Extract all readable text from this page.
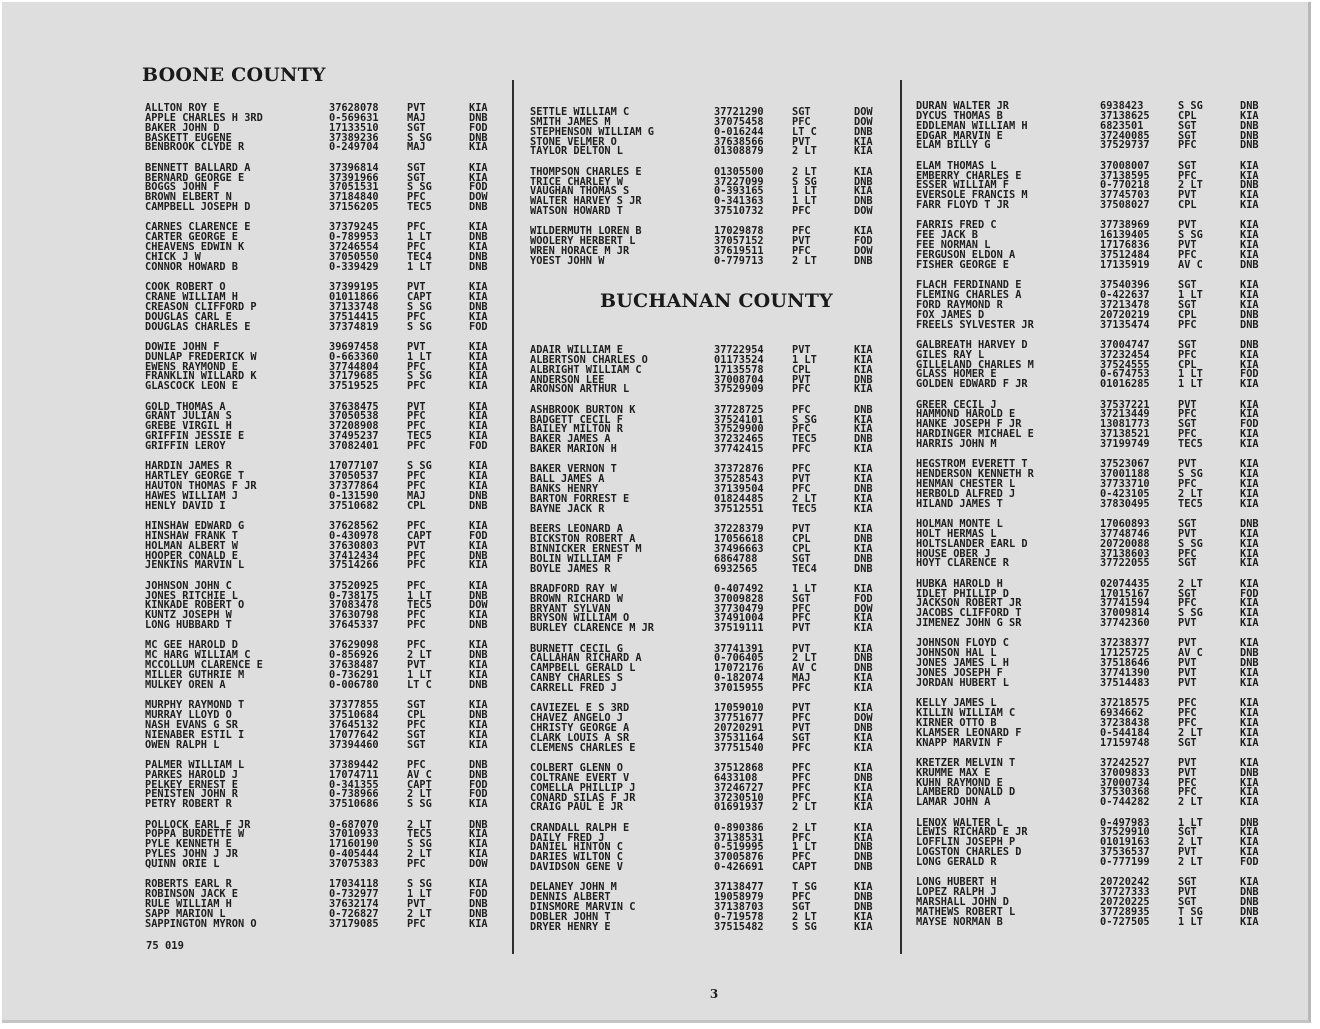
BOONE COUNTY
BUCHANAN COUNTY
ALLTON ROY E	37628078	PVT	KIA
APPLE CHARLES H 3RD	0-569631	MAJ	DNB
BAKER JOHN D	17133510	SGT	FOD
BASKETT EUGENE	37389236	S SG	DNB
BENBROOK CLYDE R	0-249704	MAJ	KIA
BENNETT BALLARD A	37396814	SGT	KIA
BERNARD GEORGE E	37391966	SGT	KIA
BOGGS JOHN F	37051531	S SG	FOD
BROWN ELBERT N	37184840	PFC	DOW
CAMPBELL JOSEPH D	37156205	TEC5	DNB
CARNES CLARENCE E	37379245	PFC	KIA
CARTER GEORGE E	0-789953	1 LT	DNB
CHEAVENS EDWIN K	37246554	PFC	KIA
CHICK J W	37050550	TEC4	DNB
CONNOR HOWARD B	0-339429	1 LT	DNB
COOK ROBERT O	37399195	PVT	KIA
CRANE WILLIAM H	01011866	CAPT	KIA
CREASON CLIFFORD P	37133748	S SG	DNB
DOUGLAS CARL E	37514415	PFC	KIA
DOUGLAS CHARLES E	37374819	S SG	FOD
DOWIE JOHN F	39697458	PVT	KIA
DUNLAP FREDERICK W	0-663360	1 LT	KIA
EWENS RAYMOND E	37744804	PFC	KIA
FRANKLIN WILLARD K	37179685	S SG	KIA
GLASCOCK LEON E	37519525	PFC	KIA
GOLD THOMAS A	37638475	PVT	KIA
GRANT JULIAN S	37050538	PFC	KIA
GREBE VIRGIL H	37208908	PFC	KIA
GRIFFIN JESSIE E	37495237	TEC5	KIA
GRIFFIN LEROY	37082401	PFC	FOD
HARDIN JAMES R	17077107	S SG	KIA
HARTLEY GEORGE T	37050537	PFC	KIA
HAUTON THOMAS F JR	37377864	PFC	KIA
HAWES WILLIAM J	0-131590	MAJ	DNB
HENLY DAVID I	37510682	CPL	DNB
HINSHAW EDWARD G	37628562	PFC	KIA
HINSHAW FRANK T	0-430978	CAPT	FOD
HOLMAN ALBERT W	37630803	PVT	KIA
HOOPER CONALD E	37412434	PFC	DNB
JENKINS MARVIN L	37514266	PFC	KIA
JOHNSON JOHN C	37520925	PFC	KIA
JONES RITCHIE L	0-738175	1 LT	DNB
KINKADE ROBERT O	37083478	TEC5	DOW
KUNTZ JOSEPH W	37630798	PFC	KIA
LONG HUBBARD T	37645337	PFC	DNB
MC GEE HAROLD D	37629098	PFC	KIA
MC HARG WILLIAM C	0-856926	2 LT	DNB
MCCOLLUM CLARENCE E	37638487	PVT	KIA
MILLER GUTHRIE M	0-736291	1 LT	KIA
MULKEY OREN A	0-006780	LT C	DNB
MURPHY RAYMOND T	37377855	SGT	KIA
MURRAY LLOYD O	37510684	CPL	DNB
NASH EVANS G SR	37645132	PFC	KIA
NIENABER ESTIL I	17077642	SGT	KIA
OWEN RALPH L	37394460	SGT	KIA
PALMER WILLIAM L	37389442	PFC	DNB
PARKES HAROLD J	17074711	AV C	DNB
PELKEY ERNEST E	0-341355	CAPT	FOD
PENISTEN JOHN R	0-738966	2 LT	FOD
PETRY ROBERT R	37510686	S SG	KIA
POLLOCK EARL F JR	0-687070	2 LT	DNB
POPPA BURDETTE W	37010933	TEC5	KIA
PYLE KENNETH E	17160190	S SG	KIA
PYLES JOHN J JR	0-405444	2 LT	KIA
QUINN ORIE L	37075383	PFC	DOW
ROBERTS EARL R	17034118	S SG	KIA
ROBINSON JACK E	0-732977	1 LT	FOD
RULE WILLIAM H	37632174	PVT	DNB
SAPP MARION L	0-726827	2 LT	DNB
SAPPINGTON MYRON O	37179085	PFC	KIA
SETTLE WILLIAM C	37721290	SGT	DOW
SMITH JAMES M	37075458	PFC	DOW
STEPHENSON WILLIAM G	0-016244	LT C	DNB
STONE VELMER O	37638566	PVT	KIA
TAYLOR DELTON L	01308879	2 LT	KIA
THOMPSON CHARLES E	01305500	2 LT	KIA
TRICE CHARLEY W	37227099	S SG	DNB
VAUGHAN THOMAS S	0-393165	1 LT	KIA
WALTER HARVEY S JR	0-341363	1 LT	DNB
WATSON HOWARD T	37510732	PFC	DOW
WILDERMUTH LOREN B	17029878	PFC	KIA
WOOLERY HERBERT L	37057152	PVT	FOD
WREN HORACE M JR	37619511	PFC	DOW
YOEST JOHN W	0-779713	2 LT	DNB
ADAIR WILLIAM E	37722954	PVT	KIA
ALBERTSON CHARLES O	01173524	1 LT	KIA
ALBRIGHT WILLIAM C	17135578	CPL	KIA
ANDERSON LEE	37008704	PVT	DNB
ARONSON ARTHUR L	37529909	PFC	KIA
ASHBROOK BURTON K	37728725	PFC	DNB
BADGETT CECIL F	37524101	S SG	KIA
BAILEY MILTON R	37529900	PFC	KIA
BAKER JAMES A	37232465	TEC5	DNB
BAKER MARION H	37742415	PFC	KIA
BAKER VERNON T	37372876	PFC	KIA
BALL JAMES A	37528543	PVT	KIA
BANKS HENRY	37139504	PFC	DNB
BARTON FORREST E	01824485	2 LT	KIA
BAYNE JACK R	37512551	TEC5	KIA
BEERS LEONARD A	37228379	PVT	KIA
BICKSTON ROBERT A	17056618	CPL	DNB
BINNICKER ERNEST M	37496663	CPL	KIA
BOLIN WILLIAM F	6864788	SGT	DNB
BOYLE JAMES R	6932565	TEC4	DNB
BRADFORD RAY W	0-407492	1 LT	KIA
BROWN RICHARD W	37009828	SGT	FOD
BRYANT SYLVAN	37730479	PFC	DOW
BRYSON WILLIAM O	37491004	PFC	KIA
BURLEY CLARENCE M JR	37519111	PVT	KIA
BURNETT CECIL G	37741391	PVT	KIA
CALLAHAN RICHARD A	0-706405	2 LT	DNB
CAMPBELL GERALD L	17072176	AV C	DNB
CANBY CHARLES S	0-182074	MAJ	KIA
CARRELL FRED J	37015955	PFC	KIA
CAVIEZEL E S 3RD	17059010	PVT	KIA
CHAVEZ ANGELO J	37751677	PFC	DOW
CHRISTY GEORGE A	20720291	PVT	DNB
CLARK LOUIS A SR	37531164	SGT	KIA
CLEMENS CHARLES E	37751540	PFC	KIA
COLBERT GLENN O	37512868	PFC	KIA
COLTRANE EVERT V	6433108	PFC	DNB
COMELLA PHILLIP J	37246727	PFC	KIA
CONARD SILAS F JR	37230510	PFC	KIA
CRAIG PAUL E JR	01691937	2 LT	KIA
CRANDALL RALPH E	0-890386	2 LT	KIA
DAILY FRED J	37138531	PFC	KIA
DANIEL HINTON C	0-519995	1 LT	DNB
DARIES WILTON C	37005876	PFC	DNB
DAVIDSON GENE V	0-426691	CAPT	DNB
DELANEY JOHN M	37138477	T SG	KIA
DENNIS ALBERT	19058979	PFC	DNB
DINSMORE MARVIN C	37138703	SGT	DNB
DOBLER JOHN T	0-719578	2 LT	KIA
DRYER HENRY E	37515482	S SG	KIA
DURAN WALTER JR	6938423	S SG	DNB
DYCUS THOMAS B	37138625	CPL	KIA
EDDLEMAN WILLIAM H	6823501	SGT	DNB
EDGAR MARVIN E	37240085	SGT	DNB
ELAM BILLY G	37529737	PFC	DNB
ELAM THOMAS L	37008007	SGT	KIA
EMBERRY CHARLES E	37138595	PFC	KIA
ESSER WILLIAM F	0-770218	2 LT	DNB
EVERSOLE FRANCIS M	37745703	PVT	KIA
FARR FLOYD T JR	37508027	CPL	KIA
FARRIS FRED C	37738969	PVT	KIA
FEE JACK B	16139405	S SG	KIA
FEE NORMAN L	17176836	PVT	KIA
FERGUSON ELDON A	37512484	PFC	KIA
FISHER GEORGE E	17135919	AV C	DNB
FLACH FERDINAND E	37540396	SGT	KIA
FLEMING CHARLES A	0-422637	1 LT	KIA
FORD RAYMOND R	37213478	SGT	KIA
FOX JAMES D	20720219	CPL	DNB
FREELS SYLVESTER JR	37135474	PFC	DNB
GALBREATH HARVEY D	37004747	SGT	DNB
GILES RAY L	37232454	PFC	KIA
GILLELAND CHARLES M	37524555	CPL	KIA
GLASS HOMER E	0-674753	1 LT	FOD
GOLDEN EDWARD F JR	01016285	1 LT	KIA
GREER CECIL J	37537221	PVT	KIA
HAMMOND HAROLD E	37213449	PFC	KIA
HANKE JOSEPH F JR	13081773	SGT	FOD
HARDINGER MICHAEL E	37138521	PFC	KIA
HARRIS JOHN M	37199749	TEC5	KIA
HEGSTROM EVERETT T	37523067	PVT	KIA
HENDERSON KENNETH R	37001188	S SG	KIA
HENMAN CHESTER L	37733710	PFC	KIA
HERBOLD ALFRED J	0-423105	2 LT	KIA
HILAND JAMES T	37830495	TEC5	KIA
HOLMAN MONTE L	17060893	SGT	DNB
HOLT HERMAS L	37748746	PVT	KIA
HOLTSLANDER EARL D	20720088	S SG	KIA
HOUSE OBER J	37138603	PFC	KIA
HOYT CLARENCE R	37722055	SGT	KIA
HUBKA HAROLD H	02074435	2 LT	KIA
IDLET PHILLIP D	17015167	SGT	FOD
JACKSON ROBERT JR	37741594	PFC	KIA
JACOBS CLIFFORD T	37009814	S SG	KIA
JIMENEZ JOHN G SR	37742360	PVT	KIA
JOHNSON FLOYD C	37238377	PVT	KIA
JOHNSON HAL L	17125725	AV C	DNB
JONES JAMES L H	37518646	PVT	DNB
JONES JOSEPH F	37741390	PVT	KIA
JORDAN HUBERT L	37514483	PVT	KIA
KELLY JAMES L	37218575	PFC	KIA
KILLIN WILLIAM C	6934662	PFC	KIA
KIRNER OTTO B	37238438	PFC	KIA
KLAMSER LEONARD F	0-544184	2 LT	KIA
KNAPP MARVIN F	17159748	SGT	KIA
KRETZER MELVIN T	37242527	PVT	KIA
KRUMME MAX E	37009833	PVT	DNB
KUHN RAYMOND E	37000734	PFC	KIA
LAMBERD DONALD D	37530368	PFC	KIA
LAMAR JOHN A	0-744282	2 LT	KIA
LENOX WALTER L	0-497983	1 LT	DNB
LEWIS RICHARD E JR	37529910	SGT	KIA
LOFFLIN JOSEPH P	01019163	2 LT	KIA
LOGSTON CHARLES D	37536537	PVT	KIA
LONG GERALD R	0-777199	2 LT	FOD
LONG HUBERT H	20720242	SGT	KIA
LOPEZ RALPH J	37727333	PVT	DNB
MARSHALL JOHN D	20720225	SGT	DNB
MATHEWS ROBERT L	37728935	T SG	DNB
MAYSE NORMAN B	0-727505	1 LT	KIA
75 019
3
